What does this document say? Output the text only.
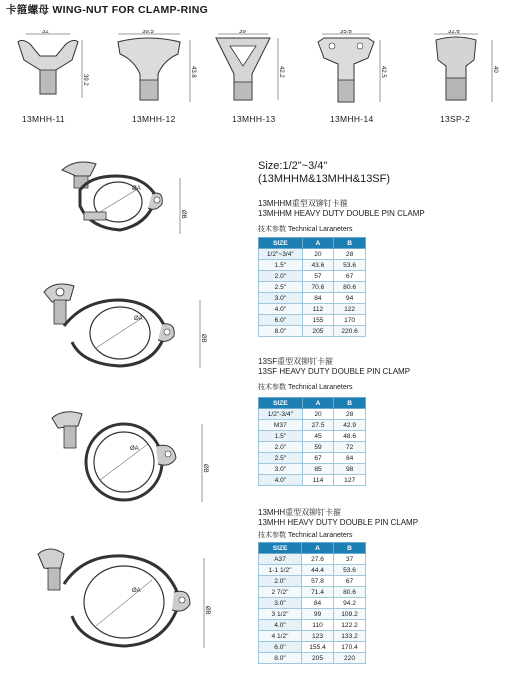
卡箍螺母 WING-NUT FOR CLAMP-RING
32
39.2
13MHH-11
39.5
43.8
13MHH-12
39
42.2
13MHH-13
35.6
42.5
13MHH-14
32.6
40
13SP-2
Size:1/2"~3/4"
(13MHHM&13MHH&13SF)
ØA
ØB
13MHHM重型双铆钉卡箍
13MHHM HEAVY DUTY DOUBLE PIN CLAMP
技术参数 Technical Laraneters
SIZE	A	B
1/2"~3/4"	20	28
1.5"	43.6	53.6
2.0"	57	67
2.5"	70.6	80.6
3.0"	84	94
4.0"	112	122
6.0"	155	170
8.0"	205	220.6
ØA
ØB
13SF重型双铆钉卡箍
13SF HEAVY DUTY DOUBLE PIN CLAMP
技术参数 Technical Laraneters
SIZE	A	B
1/2"-3/4"	20	28
M37	27.5	42.9
1.5"	45	48.6
2.0"	59	72
2.5"	67	84
3.0"	85	98
4.0"	114	127
ØA
ØB
ØA
ØB
13MHH重型双铆钉卡箍
13MHH HEAVY DUTY DOUBLE PIN CLAMP
技术参数 Technical Laraneters
SIZE	A	B
A37	27.6	37
1-1 1/2"	44.4	53.6
2.0"	57.8	67
2 7/2"	71.4	80.6
3.0"	84	94.2
3 1/2"	99	109.2
4.0"	110	122.2
4 1/2"	123	133.2
6.0"	155.4	170.4
8.0"	205	220
